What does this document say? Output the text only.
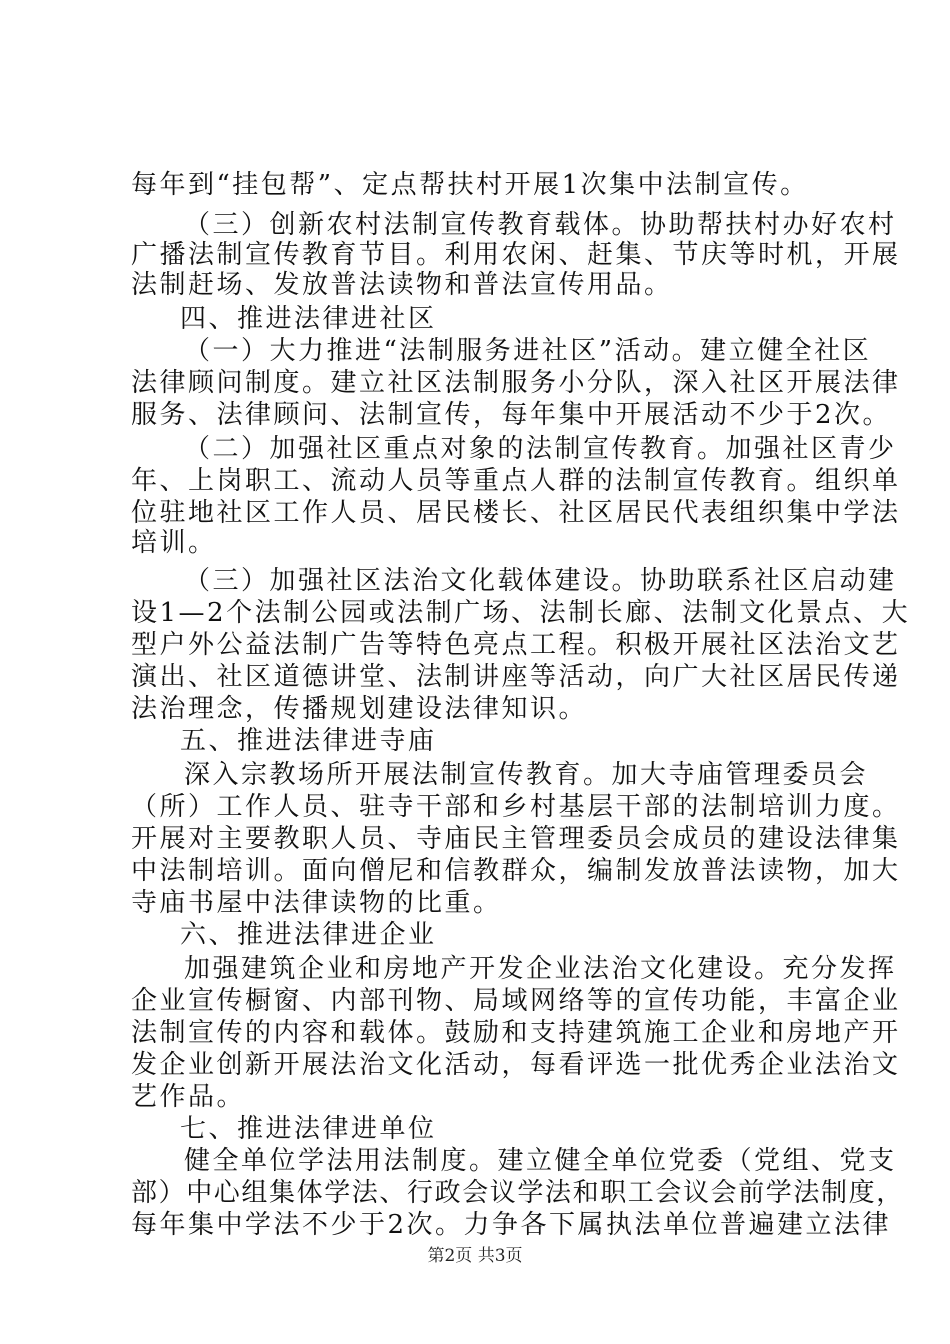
每年到“挂包帮”、定点帮扶村开展1次集中法制宣传。
（三）创新农村法制宣传教育载体。协助帮扶村办好农村
广播法制宣传教育节目。利用农闲、赶集、节庆等时机，开展
法制赶场、发放普法读物和普法宣传用品。
四、推进法律进社区
（一）大力推进“法制服务进社区”活动。建立健全社区
法律顾问制度。建立社区法制服务小分队，深入社区开展法律
服务、法律顾问、法制宣传，每年集中开展活动不少于2次。
（二）加强社区重点对象的法制宣传教育。加强社区青少
年、上岗职工、流动人员等重点人群的法制宣传教育。组织单
位驻地社区工作人员、居民楼长、社区居民代表组织集中学法
培训。
（三）加强社区法治文化载体建设。协助联系社区启动建
设1—2个法制公园或法制广场、法制长廊、法制文化景点、大
型户外公益法制广告等特色亮点工程。积极开展社区法治文艺
演出、社区道德讲堂、法制讲座等活动，向广大社区居民传递
法治理念，传播规划建设法律知识。
五、推进法律进寺庙
深入宗教场所开展法制宣传教育。加大寺庙管理委员会
（所）工作人员、驻寺干部和乡村基层干部的法制培训力度。
开展对主要教职人员、寺庙民主管理委员会成员的建设法律集
中法制培训。面向僧尼和信教群众，编制发放普法读物，加大
寺庙书屋中法律读物的比重。
六、推进法律进企业
加强建筑企业和房地产开发企业法治文化建设。充分发挥
企业宣传橱窗、内部刊物、局域网络等的宣传功能，丰富企业
法制宣传的内容和载体。鼓励和支持建筑施工企业和房地产开
发企业创新开展法治文化活动，每看评选一批优秀企业法治文
艺作品。
七、推进法律进单位
健全单位学法用法制度。建立健全单位党委（党组、党支
部）中心组集体学法、行政会议学法和职工会议会前学法制度，
每年集中学法不少于2次。力争各下属执法单位普遍建立法律
第2页 共3页
